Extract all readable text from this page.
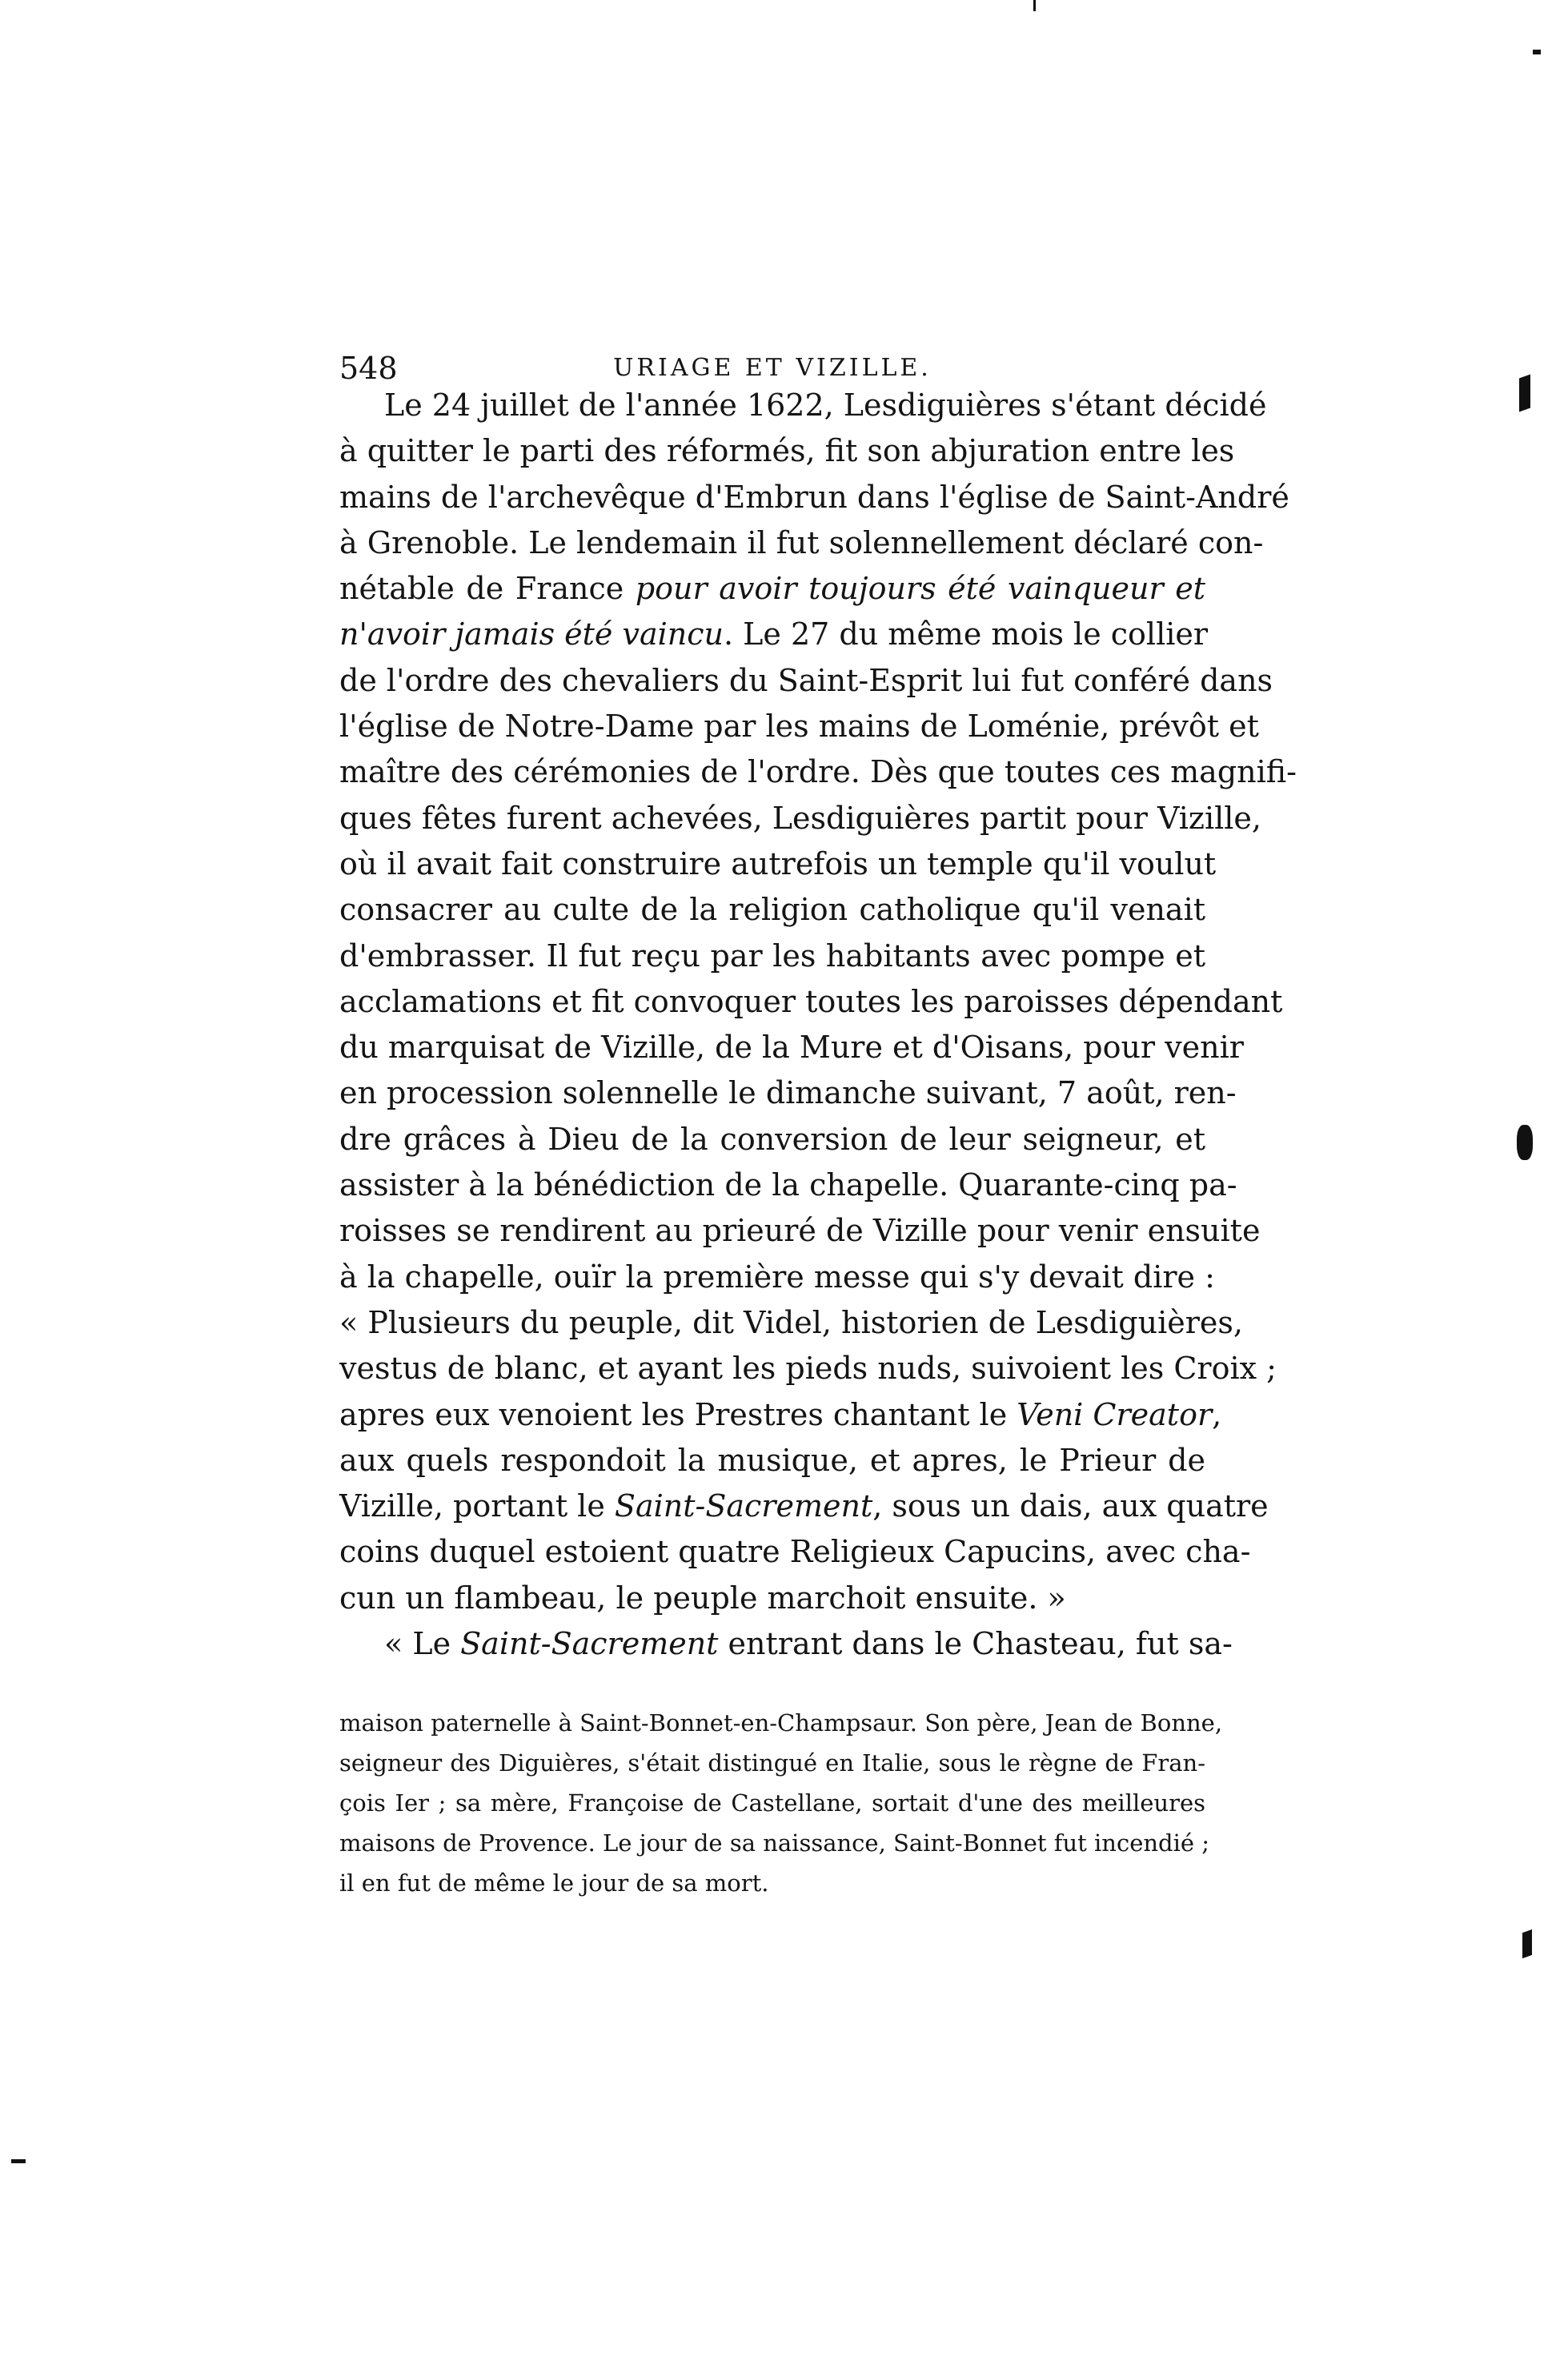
548	URIAGE ET VIZILLE.
Le 24 juillet de l'année 1622, Lesdiguières s'étant décidé
à quitter le parti des réformés, fit son abjuration entre les
mains de l'archevêque d'Embrun dans l'église de Saint-André
à Grenoble. Le lendemain il fut solennellement déclaré con-
nétable de France pour avoir toujours été vainqueur et
n'avoir jamais été vaincu. Le 27 du même mois le collier
de l'ordre des chevaliers du Saint-Esprit lui fut conféré dans
l'église de Notre-Dame par les mains de Loménie, prévôt et
maître des cérémonies de l'ordre. Dès que toutes ces magnifi-
ques fêtes furent achevées, Lesdiguières partit pour Vizille,
où il avait fait construire autrefois un temple qu'il voulut
consacrer au culte de la religion catholique qu'il venait
d'embrasser. Il fut reçu par les habitants avec pompe et
acclamations et fit convoquer toutes les paroisses dépendant
du marquisat de Vizille, de la Mure et d'Oisans, pour venir
en procession solennelle le dimanche suivant, 7 août, ren-
dre grâces à Dieu de la conversion de leur seigneur, et
assister à la bénédiction de la chapelle. Quarante-cinq pa-
roisses se rendirent au prieuré de Vizille pour venir ensuite
à la chapelle, ouïr la première messe qui s'y devait dire :
« Plusieurs du peuple, dit Videl, historien de Lesdiguières,
vestus de blanc, et ayant les pieds nuds, suivoient les Croix ;
apres eux venoient les Prestres chantant le Veni Creator,
aux quels respondoit la musique, et apres, le Prieur de
Vizille, portant le Saint-Sacrement, sous un dais, aux quatre
coins duquel estoient quatre Religieux Capucins, avec cha-
cun un flambeau, le peuple marchoit ensuite. »
« Le Saint-Sacrement entrant dans le Chasteau, fut sa-
maison paternelle à Saint-Bonnet-en-Champsaur. Son père, Jean de Bonne,
seigneur des Diguières, s'était distingué en Italie, sous le règne de Fran-
çois Ier ; sa mère, Françoise de Castellane, sortait d'une des meilleures
maisons de Provence. Le jour de sa naissance, Saint-Bonnet fut incendié ;
il en fut de même le jour de sa mort.
